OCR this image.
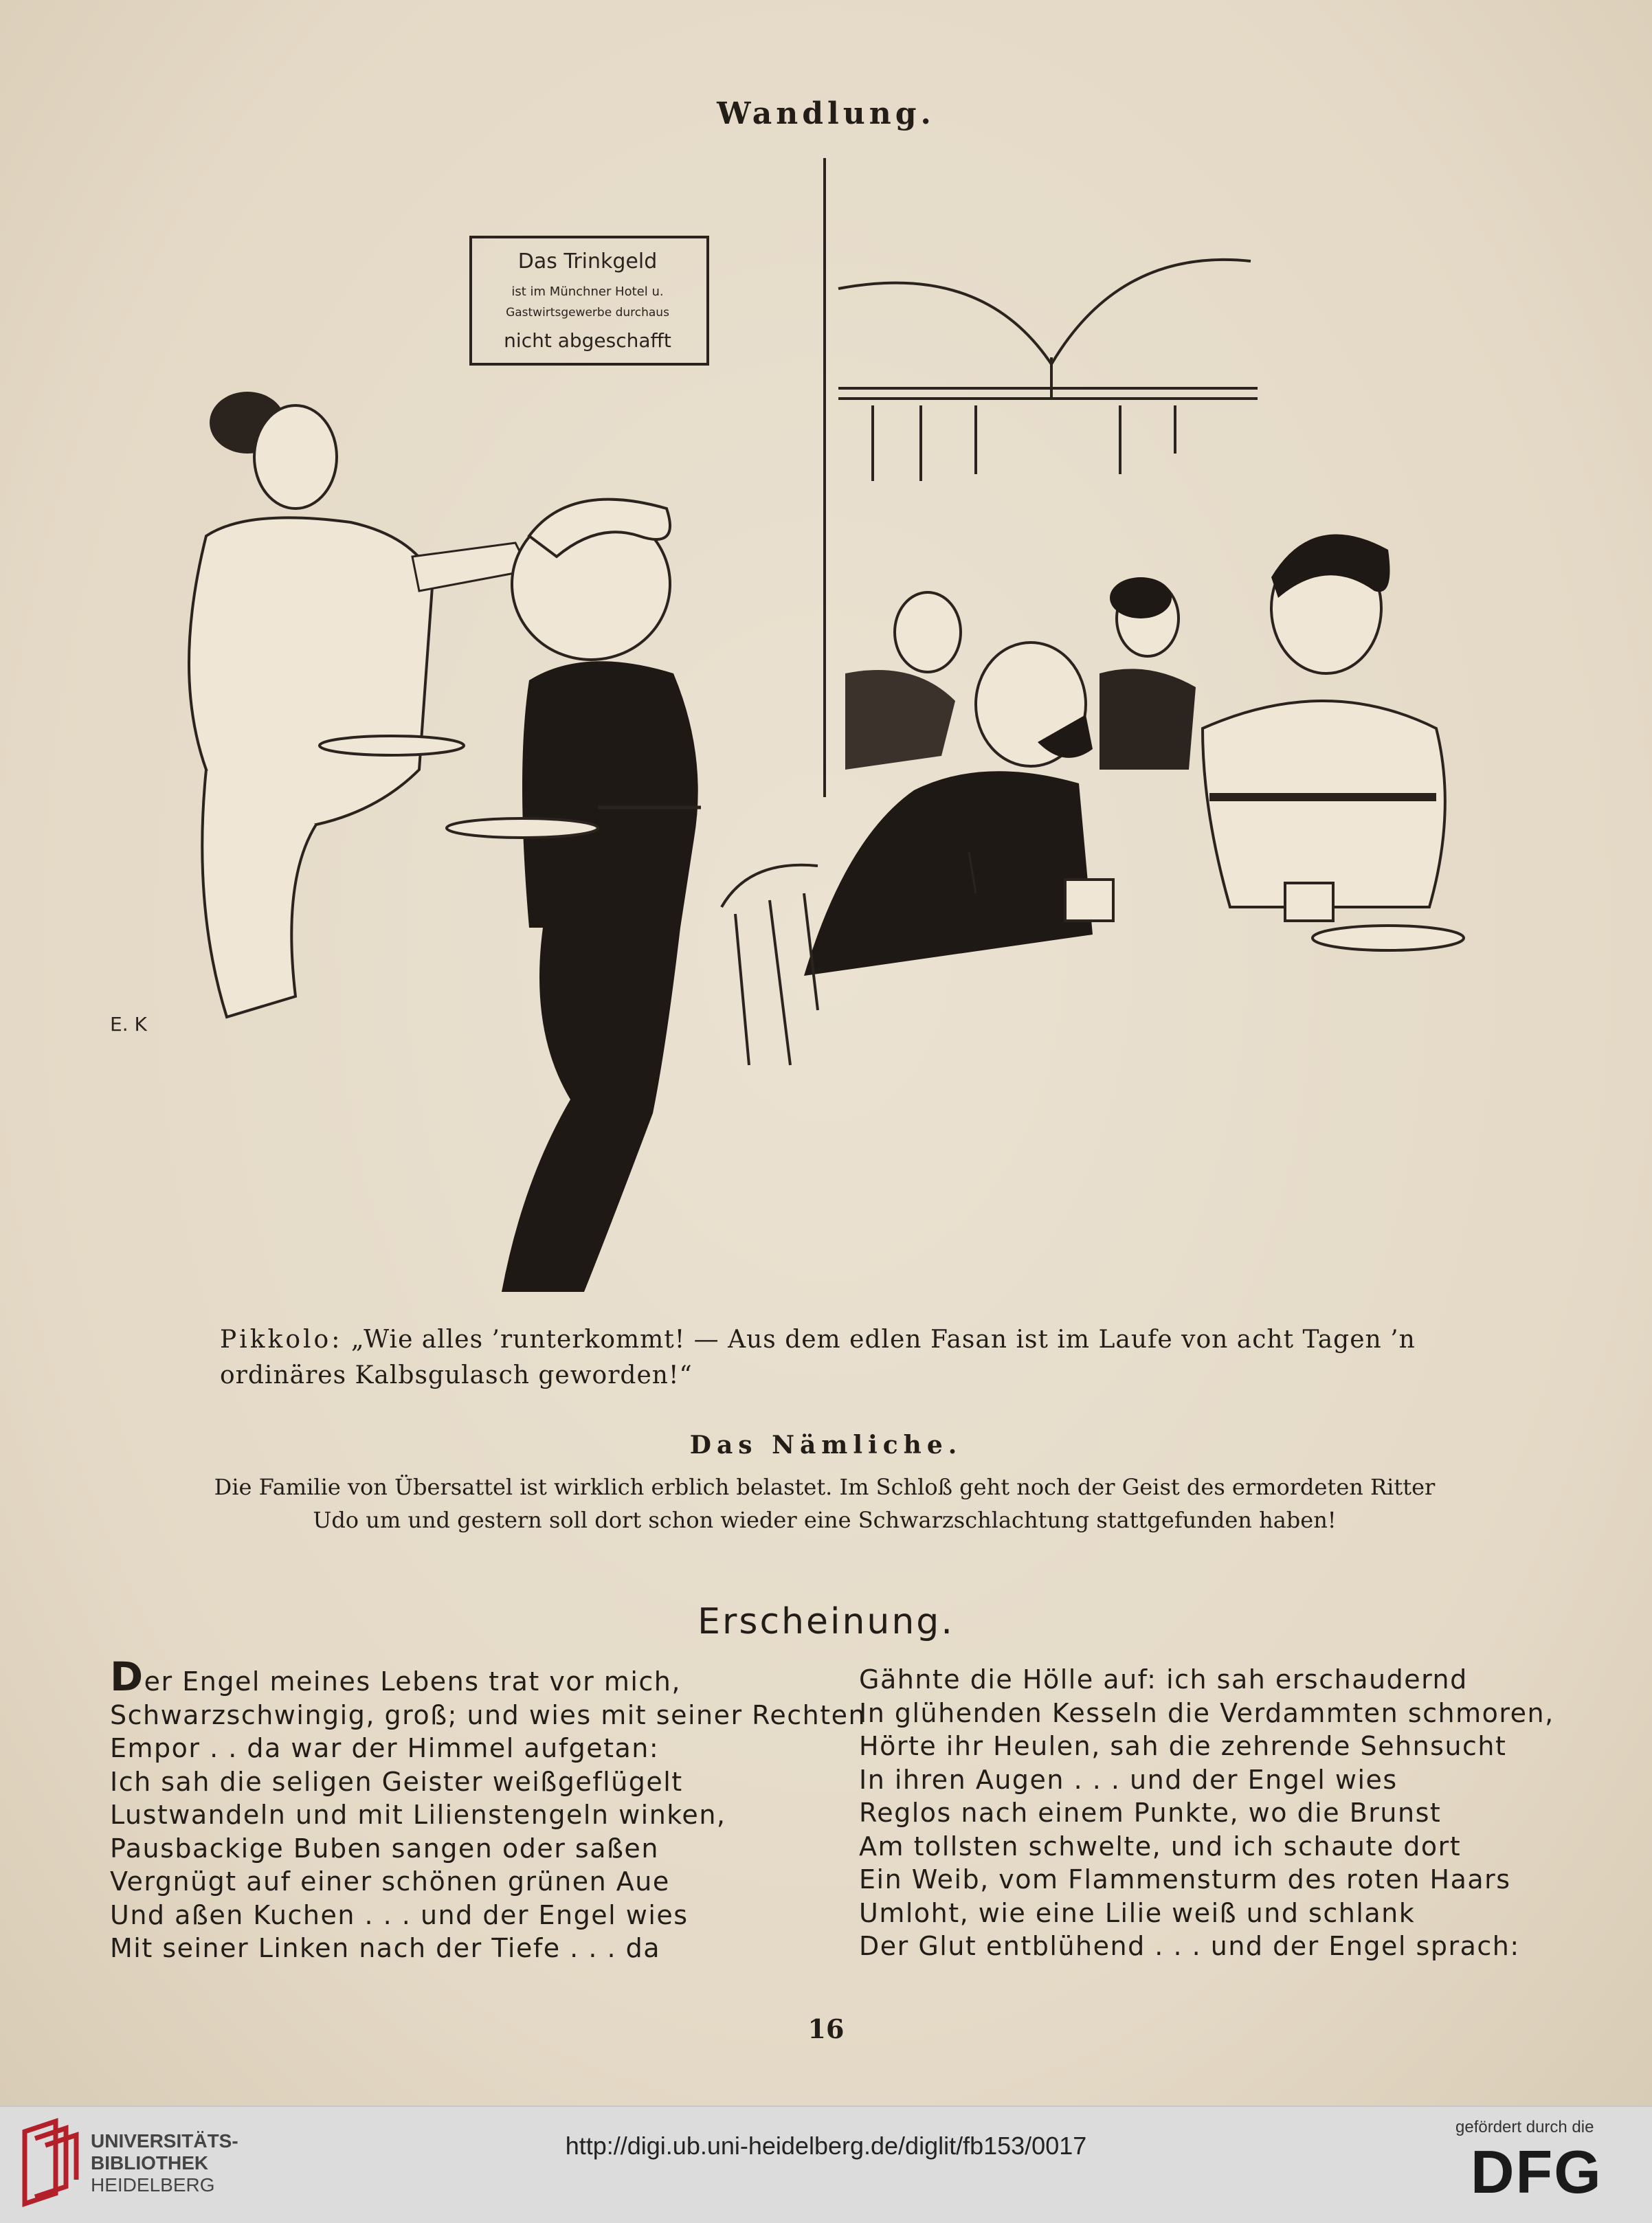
Wandlung.
Das Trinkgeld
ist im Münchner Hotel u.
Gastwirtsgewerbe durchaus
nicht abgeschafft
E. K
Pikkolo: „Wie alles ’runterkommt! — Aus dem edlen Fasan ist im Laufe von acht Tagen ’n ordinäres Kalbsgulasch geworden!“
Das Nämliche.
Die Familie von Übersattel ist wirklich erblich belastet. Im Schloß geht noch der Geist des ermordeten Ritter Udo um und gestern soll dort schon wieder eine Schwarzschlachtung stattgefunden haben!
Erscheinung.
Der Engel meines Lebens trat vor mich,
Schwarzschwingig, groß; und wies mit seiner Rechten
Empor . . da war der Himmel aufgetan:
Ich sah die seligen Geister weißgeflügelt
Lustwandeln und mit Lilienstengeln winken,
Pausbackige Buben sangen oder saßen
Vergnügt auf einer schönen grünen Aue
Und aßen Kuchen . . . und der Engel wies
Mit seiner Linken nach der Tiefe . . . da
Gähnte die Hölle auf: ich sah erschaudernd
In glühenden Kesseln die Verdammten schmoren,
Hörte ihr Heulen, sah die zehrende Sehnsucht
In ihren Augen . . . und der Engel wies
Reglos nach einem Punkte, wo die Brunst
Am tollsten schwelte, und ich schaute dort
Ein Weib, vom Flammensturm des roten Haars
Umloht, wie eine Lilie weiß und schlank
Der Glut entblühend . . . und der Engel sprach:
16
UNIVERSITÄTS-
BIBLIOTHEK
HEIDELBERG
http://digi.ub.uni-heidelberg.de/diglit/fb153/0017
gefördert durch die
DFG
